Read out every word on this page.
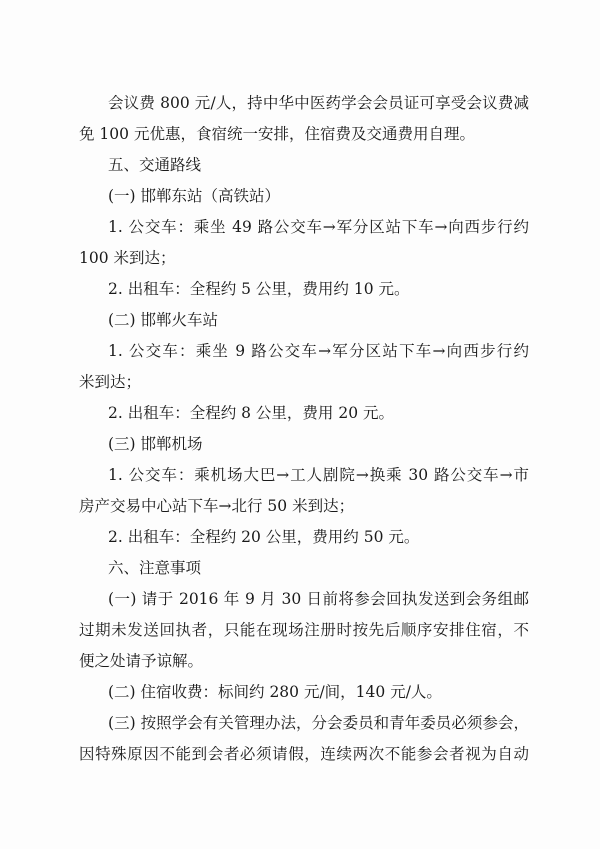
会议费 800 元/人，持中华中医药学会会员证可享受会议费减
免 100 元优惠，食宿统一安排，住宿费及交通费用自理。
五、交通路线
(一) 邯郸东站（高铁站）
1. 公交车：乘坐 49 路公交车→军分区站下车→向西步行约
100 米到达；
2. 出租车：全程约 5 公里，费用约 10 元。
(二) 邯郸火车站
1. 公交车：乘坐 9 路公交车→军分区站下车→向西步行约
米到达；
2. 出租车：全程约 8 公里，费用 20 元。
(三) 邯郸机场
1. 公交车：乘机场大巴→工人剧院→换乘 30 路公交车→市
房产交易中心站下车→北行 50 米到达；
2. 出租车：全程约 20 公里，费用约 50 元。
六、注意事项
(一) 请于 2016 年 9 月 30 日前将参会回执发送到会务组邮
过期未发送回执者，只能在现场注册时按先后顺序安排住宿，不
便之处请予谅解。
(二) 住宿收费：标间约 280 元/间，140 元/人。
(三) 按照学会有关管理办法，分会委员和青年委员必须参会，
因特殊原因不能到会者必须请假，连续两次不能参会者视为自动
